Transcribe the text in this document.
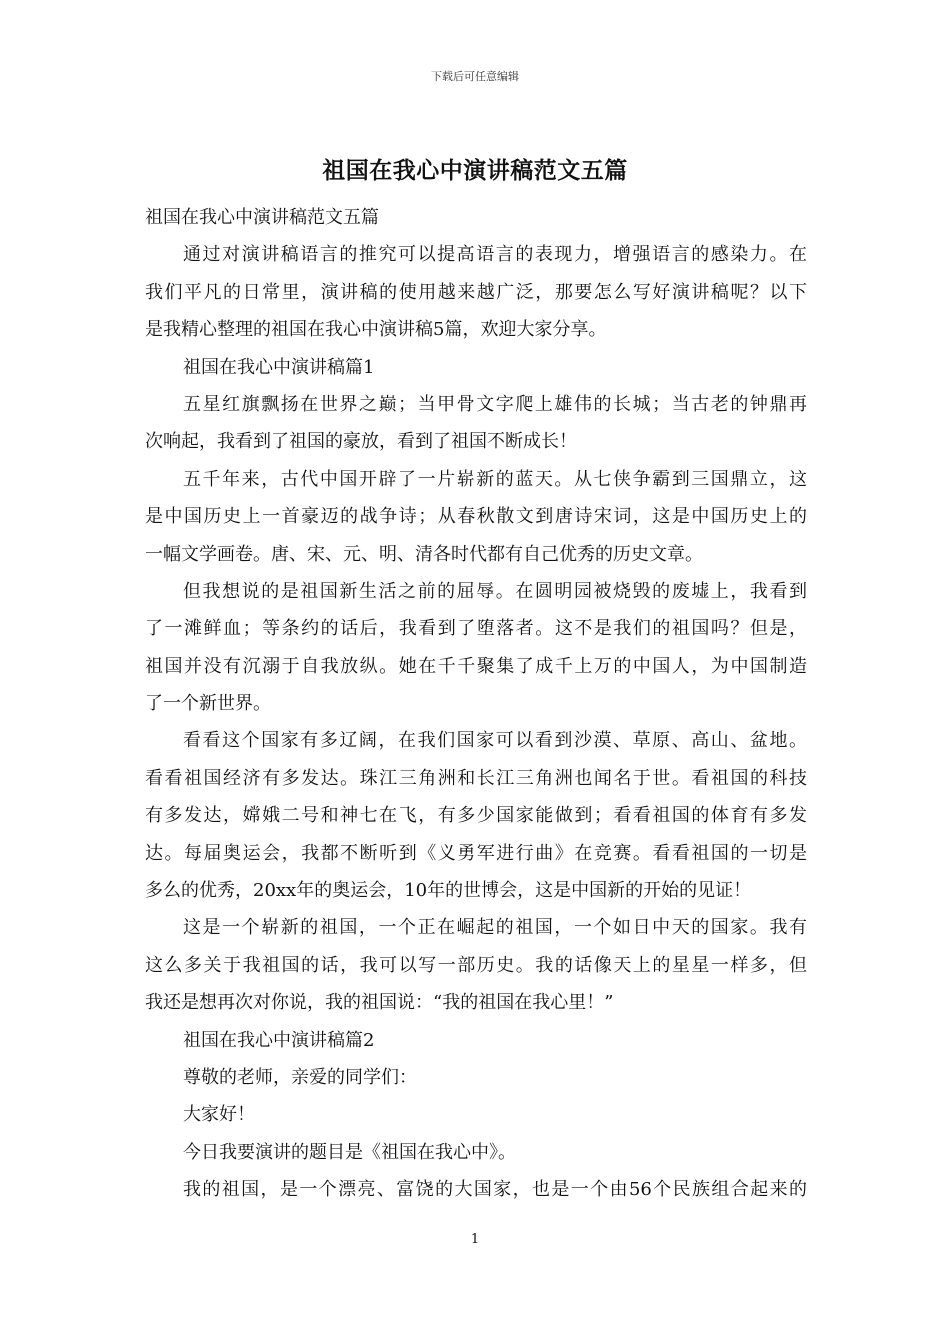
下载后可任意编辑
祖国在我心中演讲稿范文五篇
祖国在我心中演讲稿范文五篇
通过对演讲稿语言的推究可以提高语言的表现力，增强语言的感染力。在
我们平凡的日常里，演讲稿的使用越来越广泛，那要怎么写好演讲稿呢？以下
是我精心整理的祖国在我心中演讲稿5篇，欢迎大家分享。
祖国在我心中演讲稿篇1
五星红旗飘扬在世界之巅；当甲骨文字爬上雄伟的长城；当古老的钟鼎再
次响起，我看到了祖国的豪放，看到了祖国不断成长！
五千年来，古代中国开辟了一片崭新的蓝天。从七侠争霸到三国鼎立，这
是中国历史上一首豪迈的战争诗；从春秋散文到唐诗宋词，这是中国历史上的
一幅文学画卷。唐、宋、元、明、清各时代都有自己优秀的历史文章。
但我想说的是祖国新生活之前的屈辱。在圆明园被烧毁的废墟上，我看到
了一滩鲜血；等条约的话后，我看到了堕落者。这不是我们的祖国吗？但是，
祖国并没有沉溺于自我放纵。她在千千聚集了成千上万的中国人，为中国制造
了一个新世界。
看看这个国家有多辽阔，在我们国家可以看到沙漠、草原、高山、盆地。
看看祖国经济有多发达。珠江三角洲和长江三角洲也闻名于世。看祖国的科技
有多发达，嫦娥二号和神七在飞，有多少国家能做到；看看祖国的体育有多发
达。每届奥运会，我都不断听到《义勇军进行曲》在竞赛。看看祖国的一切是
多么的优秀，20xx年的奥运会，10年的世博会，这是中国新的开始的见证！
这是一个崭新的祖国，一个正在崛起的祖国，一个如日中天的国家。我有
这么多关于我祖国的话，我可以写一部历史。我的话像天上的星星一样多，但
我还是想再次对你说，我的祖国说：“我的祖国在我心里！”
祖国在我心中演讲稿篇2
尊敬的老师，亲爱的同学们：
大家好！
今日我要演讲的题目是《祖国在我心中》。
我的祖国，是一个漂亮、富饶的大国家，也是一个由56个民族组合起来的
1
